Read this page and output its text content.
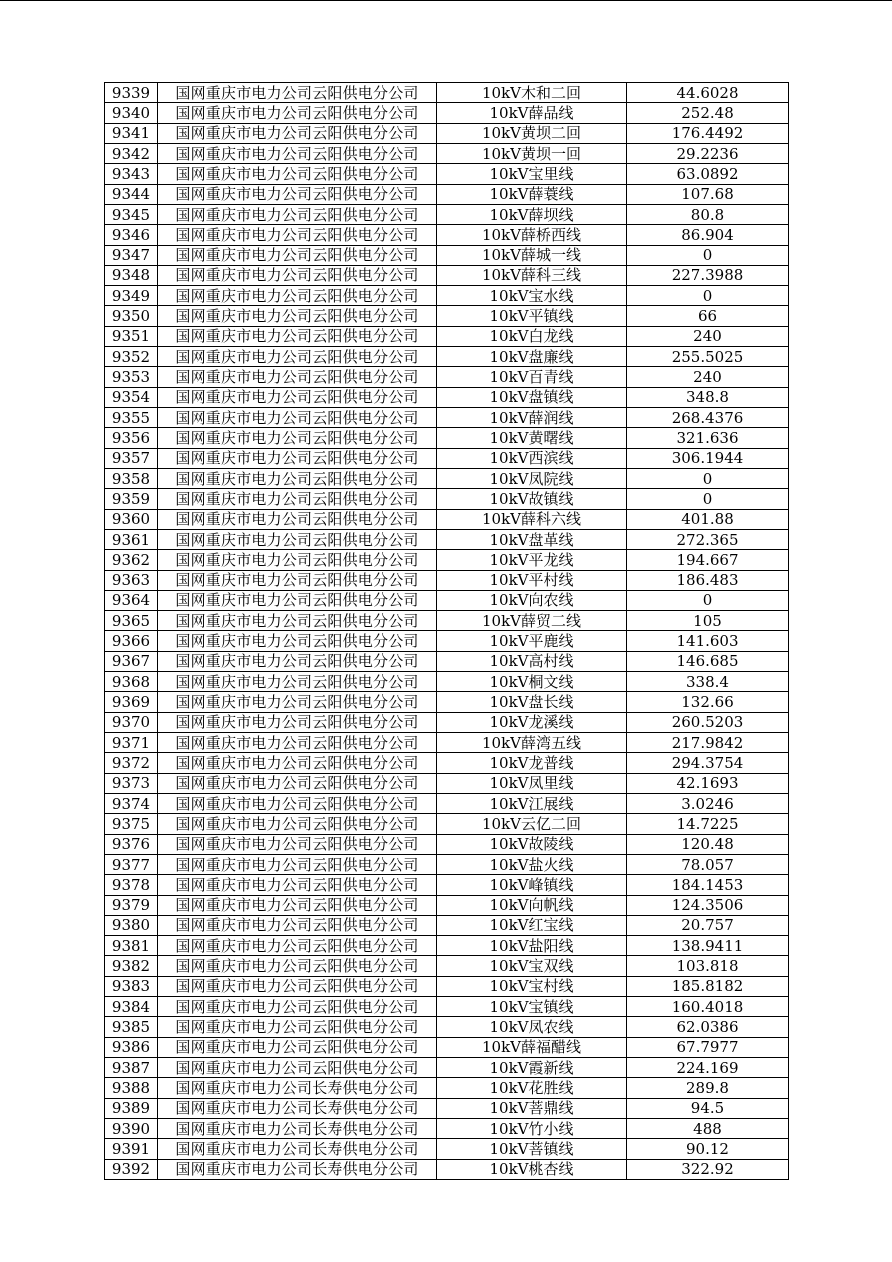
9339	国网重庆市电力公司云阳供电分公司	10kV木和二回	44.6028
9340	国网重庆市电力公司云阳供电分公司	10kV薛品线	252.48
9341	国网重庆市电力公司云阳供电分公司	10kV黄坝二回	176.4492
9342	国网重庆市电力公司云阳供电分公司	10kV黄坝一回	29.2236
9343	国网重庆市电力公司云阳供电分公司	10kV宝里线	63.0892
9344	国网重庆市电力公司云阳供电分公司	10kV薛蓑线	107.68
9345	国网重庆市电力公司云阳供电分公司	10kV薛坝线	80.8
9346	国网重庆市电力公司云阳供电分公司	10kV薛桥西线	86.904
9347	国网重庆市电力公司云阳供电分公司	10kV薛城一线	0
9348	国网重庆市电力公司云阳供电分公司	10kV薛科三线	227.3988
9349	国网重庆市电力公司云阳供电分公司	10kV宝水线	0
9350	国网重庆市电力公司云阳供电分公司	10kV平镇线	66
9351	国网重庆市电力公司云阳供电分公司	10kV白龙线	240
9352	国网重庆市电力公司云阳供电分公司	10kV盘廉线	255.5025
9353	国网重庆市电力公司云阳供电分公司	10kV百青线	240
9354	国网重庆市电力公司云阳供电分公司	10kV盘镇线	348.8
9355	国网重庆市电力公司云阳供电分公司	10kV薛润线	268.4376
9356	国网重庆市电力公司云阳供电分公司	10kV黄曙线	321.636
9357	国网重庆市电力公司云阳供电分公司	10kV西滨线	306.1944
9358	国网重庆市电力公司云阳供电分公司	10kV凤院线	0
9359	国网重庆市电力公司云阳供电分公司	10kV故镇线	0
9360	国网重庆市电力公司云阳供电分公司	10kV薛科六线	401.88
9361	国网重庆市电力公司云阳供电分公司	10kV盘革线	272.365
9362	国网重庆市电力公司云阳供电分公司	10kV平龙线	194.667
9363	国网重庆市电力公司云阳供电分公司	10kV平村线	186.483
9364	国网重庆市电力公司云阳供电分公司	10kV向农线	0
9365	国网重庆市电力公司云阳供电分公司	10kV薛贸二线	105
9366	国网重庆市电力公司云阳供电分公司	10kV平鹿线	141.603
9367	国网重庆市电力公司云阳供电分公司	10kV高村线	146.685
9368	国网重庆市电力公司云阳供电分公司	10kV桐文线	338.4
9369	国网重庆市电力公司云阳供电分公司	10kV盘长线	132.66
9370	国网重庆市电力公司云阳供电分公司	10kV龙溪线	260.5203
9371	国网重庆市电力公司云阳供电分公司	10kV薛湾五线	217.9842
9372	国网重庆市电力公司云阳供电分公司	10kV龙普线	294.3754
9373	国网重庆市电力公司云阳供电分公司	10kV凤里线	42.1693
9374	国网重庆市电力公司云阳供电分公司	10kV江展线	3.0246
9375	国网重庆市电力公司云阳供电分公司	10kV云亿二回	14.7225
9376	国网重庆市电力公司云阳供电分公司	10kV故陵线	120.48
9377	国网重庆市电力公司云阳供电分公司	10kV盐火线	78.057
9378	国网重庆市电力公司云阳供电分公司	10kV峰镇线	184.1453
9379	国网重庆市电力公司云阳供电分公司	10kV向帆线	124.3506
9380	国网重庆市电力公司云阳供电分公司	10kV红宝线	20.757
9381	国网重庆市电力公司云阳供电分公司	10kV盐阳线	138.9411
9382	国网重庆市电力公司云阳供电分公司	10kV宝双线	103.818
9383	国网重庆市电力公司云阳供电分公司	10kV宝村线	185.8182
9384	国网重庆市电力公司云阳供电分公司	10kV宝镇线	160.4018
9385	国网重庆市电力公司云阳供电分公司	10kV凤农线	62.0386
9386	国网重庆市电力公司云阳供电分公司	10kV薛福醋线	67.7977
9387	国网重庆市电力公司云阳供电分公司	10kV霞新线	224.169
9388	国网重庆市电力公司长寿供电分公司	10kV花胜线	289.8
9389	国网重庆市电力公司长寿供电分公司	10kV菩鼎线	94.5
9390	国网重庆市电力公司长寿供电分公司	10kV竹小线	488
9391	国网重庆市电力公司长寿供电分公司	10kV菩镇线	90.12
9392	国网重庆市电力公司长寿供电分公司	10kV桃杏线	322.92
